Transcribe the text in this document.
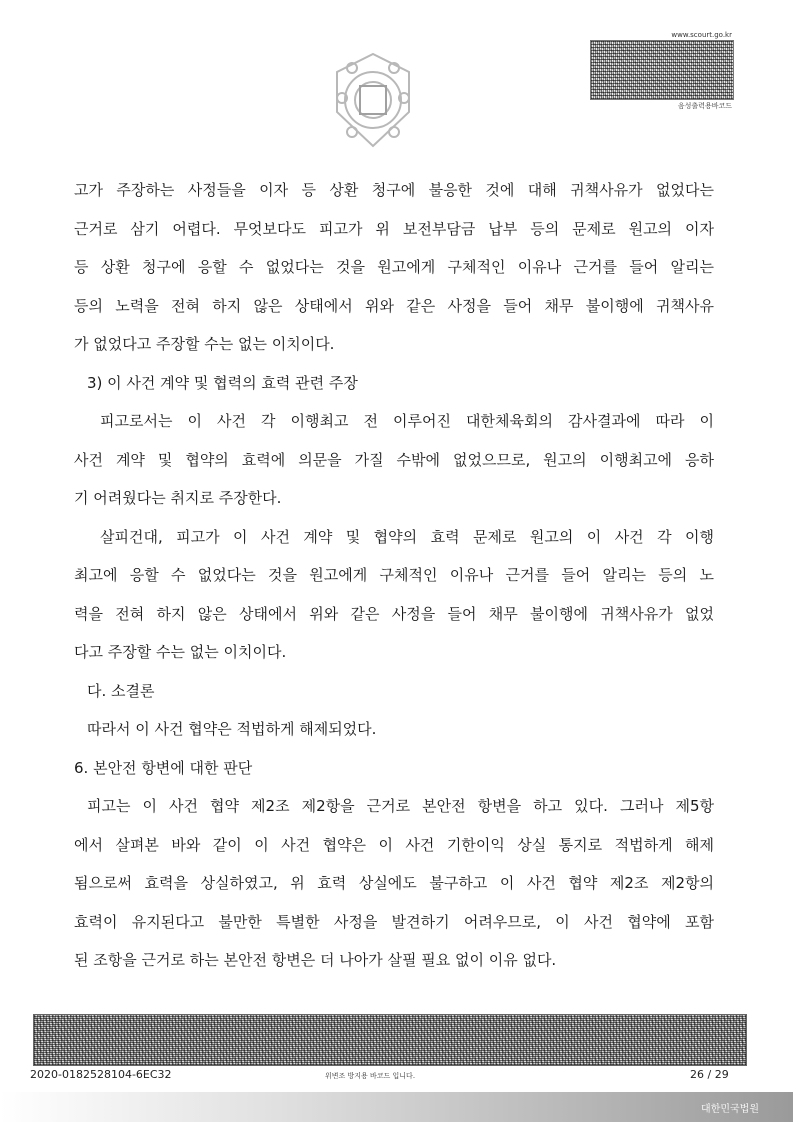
www.scourt.go.kr
음성출력용바코드
고가 주장하는 사정들을 이자 등 상환 청구에 불응한 것에 대해 귀책사유가 없었다는
근거로 삼기 어렵다. 무엇보다도 피고가 위 보전부담금 납부 등의 문제로 원고의 이자
등 상환 청구에 응할 수 없었다는 것을 원고에게 구체적인 이유나 근거를 들어 알리는
등의 노력을 전혀 하지 않은 상태에서 위와 같은 사정을 들어 채무 불이행에 귀책사유
가 없었다고 주장할 수는 없는 이치이다.
3) 이 사건 계약 및 협력의 효력 관련 주장
피고로서는 이 사건 각 이행최고 전 이루어진 대한체육회의 감사결과에 따라 이
사건 계약 및 협약의 효력에 의문을 가질 수밖에 없었으므로, 원고의 이행최고에 응하
기 어려웠다는 취지로 주장한다.
살피건대, 피고가 이 사건 계약 및 협약의 효력 문제로 원고의 이 사건 각 이행
최고에 응할 수 없었다는 것을 원고에게 구체적인 이유나 근거를 들어 알리는 등의 노
력을 전혀 하지 않은 상태에서 위와 같은 사정을 들어 채무 불이행에 귀책사유가 없었
다고 주장할 수는 없는 이치이다.
다. 소결론
따라서 이 사건 협약은 적법하게 해제되었다.
6. 본안전 항변에 대한 판단
피고는 이 사건 협약 제2조 제2항을 근거로 본안전 항변을 하고 있다. 그러나 제5항
에서 살펴본 바와 같이 이 사건 협약은 이 사건 기한이익 상실 통지로 적법하게 해제
됨으로써 효력을 상실하였고, 위 효력 상실에도 불구하고 이 사건 협약 제2조 제2항의
효력이 유지된다고 불만한 특별한 사정을 발견하기 어려우므로, 이 사건 협약에 포함
된 조항을 근거로 하는 본안전 항변은 더 나아가 살필 필요 없이 이유 없다.
2020-0182528104-6EC32	위변조 방지용 바코드 입니다.	26 / 29
대한민국법원
